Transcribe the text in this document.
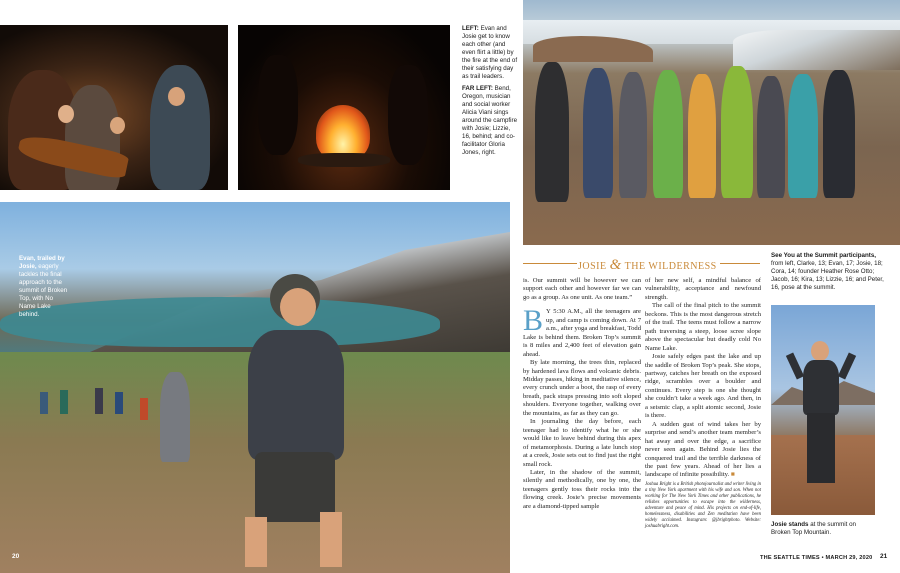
LEFT: Evan and Josie get to know each other (and even flirt a little) by the fire at the end of their satisfying day as trail leaders.
FAR LEFT: Bend, Oregon, musician and social worker Alicia Viani sings around the campfire with Josie; Lizzie, 16, behind; and co-facilitator Gloria Jones, right.
See You at the Summit participants, from left, Clarke, 13; Evan, 17; Josie, 18; Cora, 14; founder Heather Rose Otto; Jacob, 16; Kira, 13; Lizzie, 16; and Peter, 16, pose at the summit.
Evan, trailed by Josie, eagerly tackles the final approach to the summit of Broken Top, with No Name Lake behind.
JOSIE & THE WILDERNESS

is. Our summit will be however we can support each other and however far we can go as a group. As one unit. As one team.”

B Y 5:30 A.M., all the teenagers are up, and camp is coming down. At 7 a.m., after yoga and breakfast, Todd Lake is behind them. Broken Top’s summit is 8 miles and 2,400 feet of elevation gain ahead.

By late morning, the trees thin, replaced by hardened lava flows and volcanic debris. Midday passes, hiking in meditative silence, every crunch under a boot, the rasp of every breath, pack straps pressing into soft sloped shoulders. Everyone together, walking over the mountains, as far as they can go.

In journaling the day before, each teenager had to identify what he or she would like to leave behind during this apex of metamorphosis. During a late lunch stop at a creek, Josie sets out to find just the right small rock.

Later, in the shadow of the summit, silently and methodically, one by one, the teenagers gently toss their rocks into the flowing creek. Josie’s precise movements are a diamond-tipped sample

of her new self, a mindful balance of vulnerability, acceptance and newfound strength.

The call of the final pitch to the summit beckons. This is the most dangerous stretch of the trail. The teens must follow a narrow path traversing a steep, loose scree slope above the spectacular but deadly cold No Name Lake.

Josie safely edges past the lake and up the saddle of Broken Top’s peak. She stops, partway, catches her breath on the exposed ridge, scrambles over a boulder and continues. Every step is one she thought she couldn’t take a week ago. And then, in a seismic clap, a split atomic second, Josie is there.

A sudden gust of wind takes her by surprise and send’s another team member’s hat away and over the edge, a sacrifice never seen again. Behind Josie lies the conquered trail and the terrible darkness of the past few years. Ahead of her lies a landscape of infinite possibility. ■

Joshua Bright is a British photojournalist and writer living in a tiny New York apartment with his wife and son. When not working for The New York Times and other publications, he relishes opportunities to escape into the wilderness, adventure and peace of mind. His projects on end-of-life, homelessness, disabilities and Zen meditation have been widely acclaimed. Instagram: @jbrightphoto. Website: joshuabright.com.	Josie stands at the summit on Broken Top Mountain.
20	THE SEATTLE TIMES • MARCH 29, 2020 21
